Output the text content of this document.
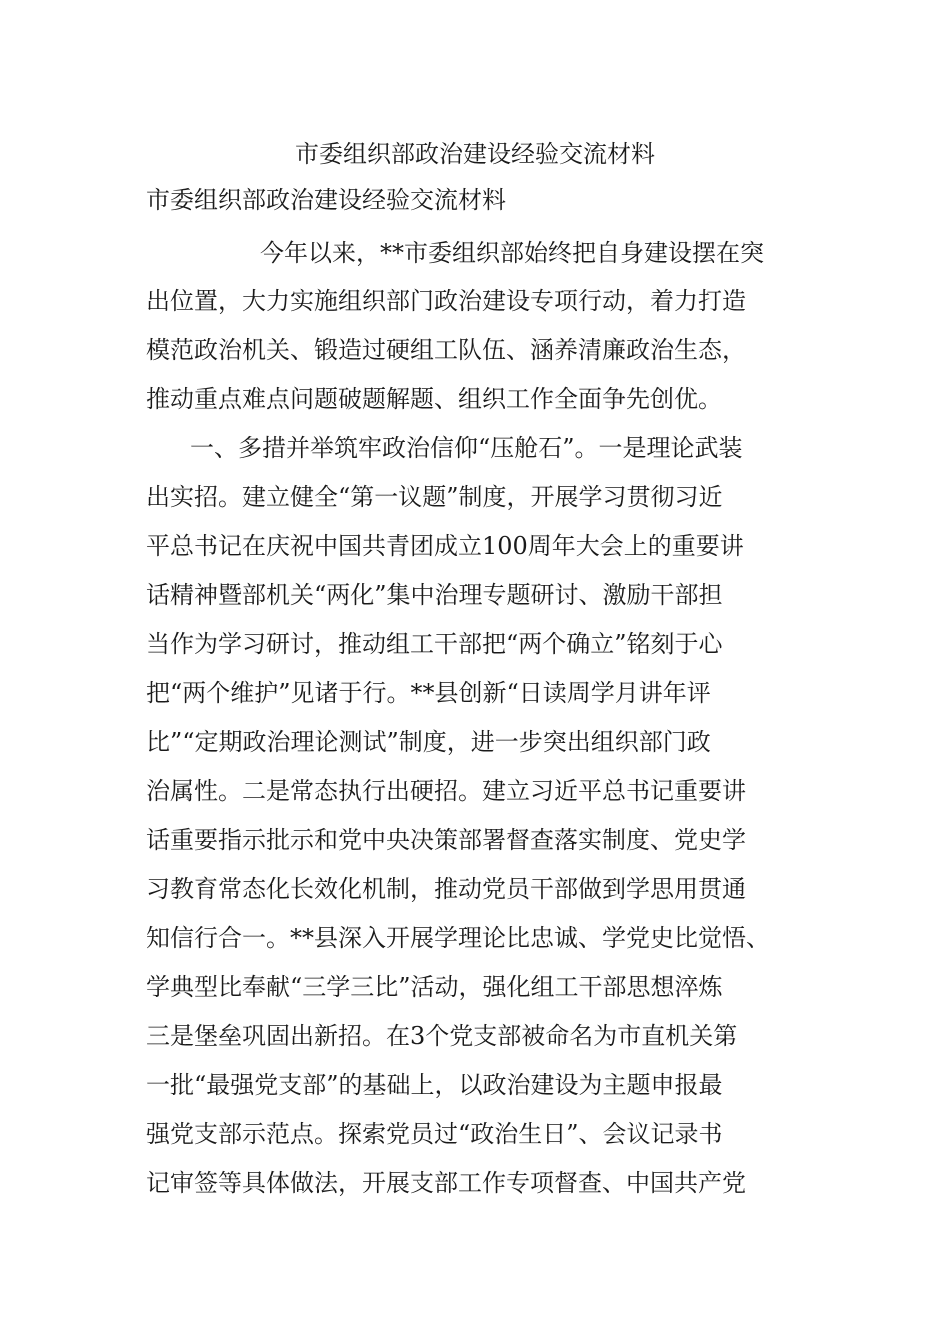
市委组织部政治建设经验交流材料
市委组织部政治建设经验交流材料
今年以来，**市委组织部始终把自身建设摆在突
出位置，大力实施组织部门政治建设专项行动，着力打造
模范政治机关、锻造过硬组工队伍、涵养清廉政治生态，
推动重点难点问题破题解题、组织工作全面争先创优。
一、多措并举筑牢政治信仰“压舱石”。一是理论武装
出实招。建立健全“第一议题”制度，开展学习贯彻习近
平总书记在庆祝中国共青团成立100周年大会上的重要讲
话精神暨部机关“两化”集中治理专题研讨、激励干部担
当作为学习研讨，推动组工干部把“两个确立”铭刻于心
把“两个维护”见诸于行。**县创新“日读周学月讲年评
比”“定期政治理论测试”制度，进一步突出组织部门政
治属性。二是常态执行出硬招。建立习近平总书记重要讲
话重要指示批示和党中央决策部署督查落实制度、党史学
习教育常态化长效化机制，推动党员干部做到学思用贯通
知信行合一。**县深入开展学理论比忠诚、学党史比觉悟、
学典型比奉献“三学三比”活动，强化组工干部思想淬炼
三是堡垒巩固出新招。在3个党支部被命名为市直机关第
一批“最强党支部”的基础上，以政治建设为主题申报最
强党支部示范点。探索党员过“政治生日”、会议记录书
记审签等具体做法，开展支部工作专项督查、中国共产党
